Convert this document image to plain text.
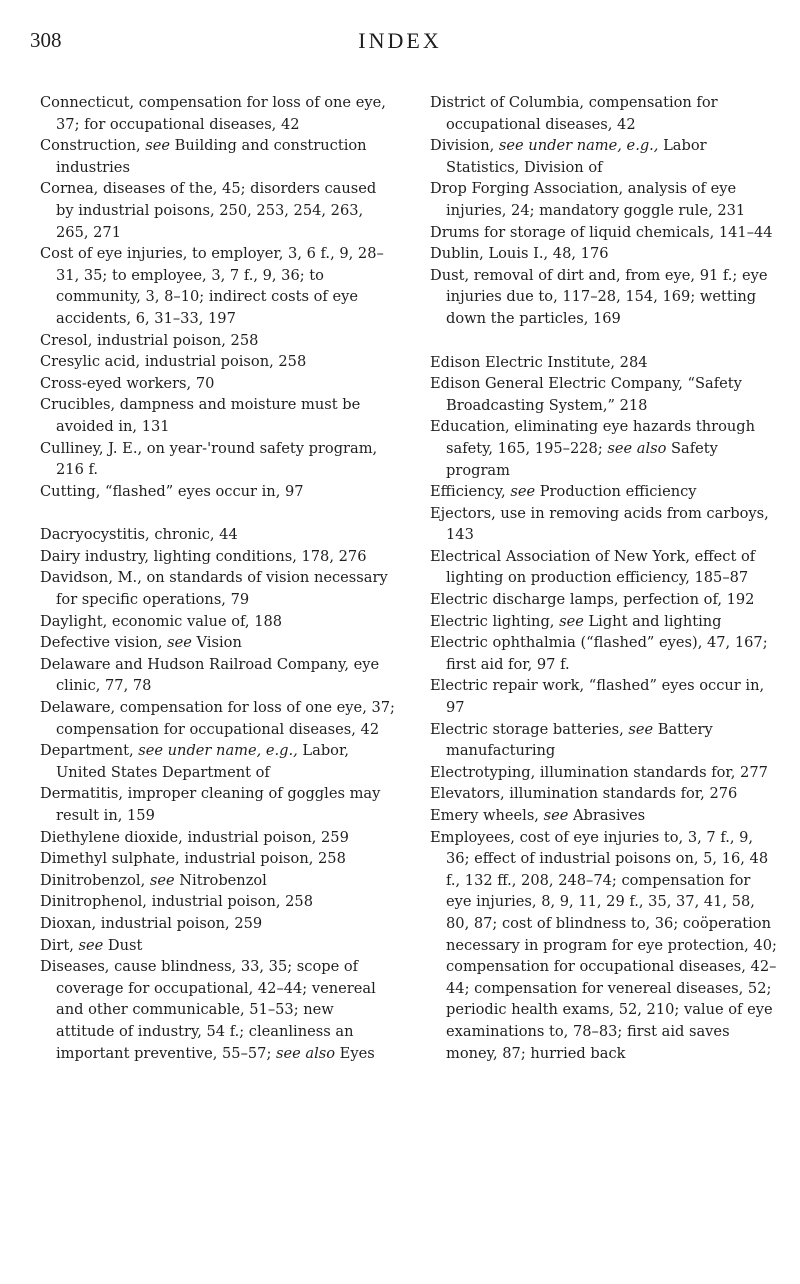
308	INDEX

Connecticut, compensation for loss of one eye, 37; for occupational diseases, 42

Construction, see Building and construction industries

Cornea, diseases of the, 45; disorders caused by industrial poisons, 250, 253, 254, 263, 265, 271

Cost of eye injuries, to employer, 3, 6 f., 9, 28–31, 35; to employee, 3, 7 f., 9, 36; to community, 3, 8–10; indirect costs of eye accidents, 6, 31–33, 197

Cresol, industrial poison, 258

Cresylic acid, industrial poison, 258

Cross-eyed workers, 70

Crucibles, dampness and moisture must be avoided in, 131

Culliney, J. E., on year-'round safety program, 216 f.

Cutting, “flashed” eyes occur in, 97

Dacryocystitis, chronic, 44

Dairy industry, lighting conditions, 178, 276

Davidson, M., on standards of vision necessary for specific operations, 79

Daylight, economic value of, 188

Defective vision, see Vision

Delaware and Hudson Railroad Company, eye clinic, 77, 78

Delaware, compensation for loss of one eye, 37; compensation for occupational diseases, 42

Department, see under name, e.g., Labor, United States Department of

Dermatitis, improper cleaning of goggles may result in, 159

Diethylene dioxide, industrial poison, 259

Dimethyl sulphate, industrial poison, 258

Dinitrobenzol, see Nitrobenzol

Dinitrophenol, industrial poison, 258

Dioxan, industrial poison, 259

Dirt, see Dust

Diseases, cause blindness, 33, 35; scope of coverage for occupational, 42–44; venereal and other communicable, 51–53; new attitude of industry, 54 f.; cleanliness an important preventive, 55–57; see also Eyes

District of Columbia, compensation for occupational diseases, 42

Division, see under name, e.g., Labor Statistics, Division of

Drop Forging Association, analysis of eye injuries, 24; mandatory goggle rule, 231

Drums for storage of liquid chemicals, 141–44

Dublin, Louis I., 48, 176

Dust, removal of dirt and, from eye, 91 f.; eye injuries due to, 117–28, 154, 169; wetting down the particles, 169

Edison Electric Institute, 284

Edison General Electric Company, “Safety Broadcasting System,” 218

Education, eliminating eye hazards through safety, 165, 195–228; see also Safety program

Efficiency, see Production efficiency

Ejectors, use in removing acids from carboys, 143

Electrical Association of New York, effect of lighting on production efficiency, 185–87

Electric discharge lamps, perfection of, 192

Electric lighting, see Light and lighting

Electric ophthalmia (“flashed” eyes), 47, 167; first aid for, 97 f.

Electric repair work, “flashed” eyes occur in, 97

Electric storage batteries, see Battery manufacturing

Electrotyping, illumination standards for, 277

Elevators, illumination standards for, 276

Emery wheels, see Abrasives

Employees, cost of eye injuries to, 3, 7 f., 9, 36; effect of industrial poisons on, 5, 16, 48 f., 132 ff., 208, 248–74; compensation for eye injuries, 8, 9, 11, 29 f., 35, 37, 41, 58, 80, 87; cost of blindness to, 36; coöperation necessary in program for eye protection, 40; compensation for occupational diseases, 42–44; compensation for venereal diseases, 52; periodic health exams, 52, 210; value of eye examinations to, 78–83; first aid saves money, 87; hurried back
